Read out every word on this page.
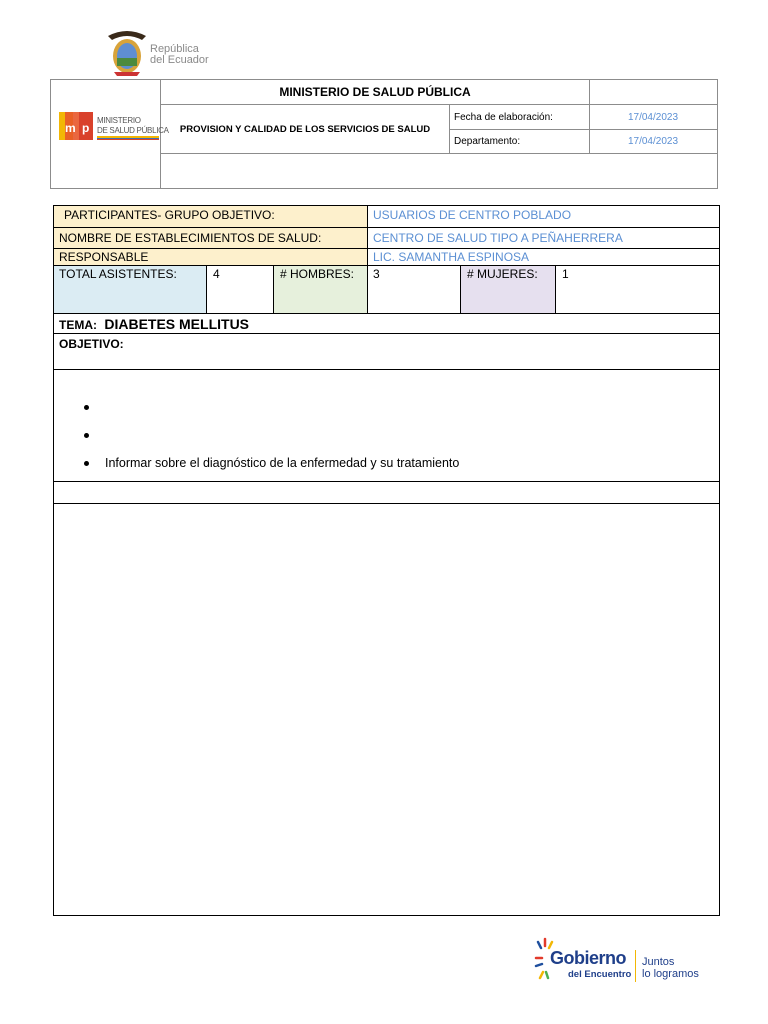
República
del Ecuador
m p
MINISTERIO
DE SALUD PÚBLICA
MINISTERIO DE SALUD PÚBLICA
PROVISION Y CALIDAD DE LOS SERVICIOS DE SALUD
Fecha de elaboración:	17/04/2023
Departamento:	17/04/2023
PARTICIPANTES- GRUPO OBJETIVO:	USUARIOS DE CENTRO POBLADO
NOMBRE DE ESTABLECIMIENTOS DE SALUD:	CENTRO DE SALUD TIPO A PEÑAHERRERA
RESPONSABLE	LIC. SAMANTHA ESPINOSA
TOTAL ASISTENTES:	4	# HOMBRES:	3	# MUJERES:	1
TEMA: DIABETES MELLITUS
OBJETIVO:
Informar sobre el diagnóstico de la enfermedad y su tratamiento
Gobierno
del Encuentro
Juntos
lo logramos
